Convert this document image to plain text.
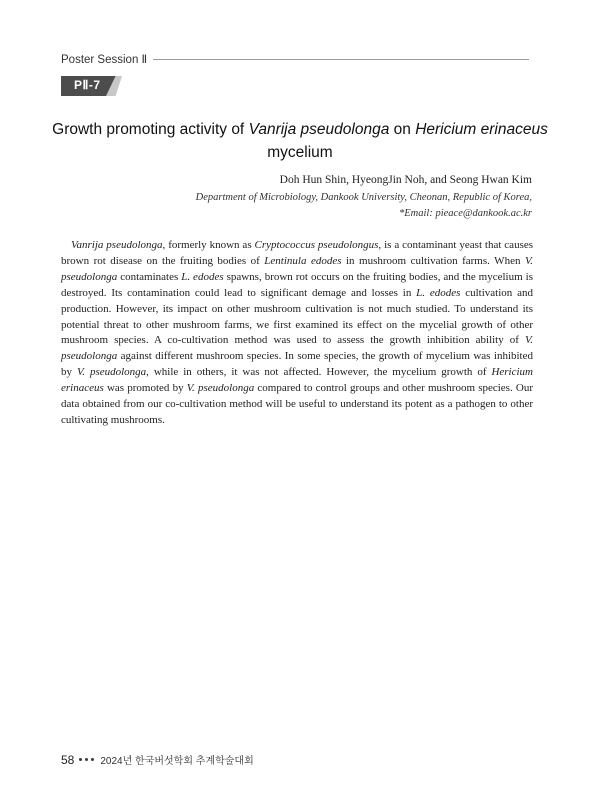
Poster Session Ⅱ
PⅡ-7
Growth promoting activity of Vanrija pseudolonga on Hericium erinaceus
mycelium
Doh Hun Shin, HyeongJin Noh, and Seong Hwan Kim
Department of Microbiology, Dankook University, Cheonan, Republic of Korea,
*Email: pieace@dankook.ac.kr
Vanrija pseudolonga, formerly known as Cryptococcus pseudolongus, is a contaminant yeast that causes brown rot disease on the fruiting bodies of Lentinula edodes in mushroom cultivation farms. When V. pseudolonga contaminates L. edodes spawns, brown rot occurs on the fruiting bodies, and the mycelium is destroyed. Its contamination could lead to significant demage and losses in L. edodes cultivation and production. However, its impact on other mushroom cultivation is not much studied. To understand its potential threat to other mushroom farms, we first examined its effect on the mycelial growth of other mushroom species. A co-cultivation method was used to assess the growth inhibition ability of V. pseudolonga against different mushroom species. In some species, the growth of mycelium was inhibited by V. pseudolonga, while in others, it was not affected. However, the mycelium growth of Hericium erinaceus was promoted by V. pseudolonga compared to control groups and other mushroom species. Our data obtained from our co-cultivation method will be useful to understand its potent as a pathogen to other cultivating mushrooms.
58	2024년 한국버섯학회 추계학술대회
